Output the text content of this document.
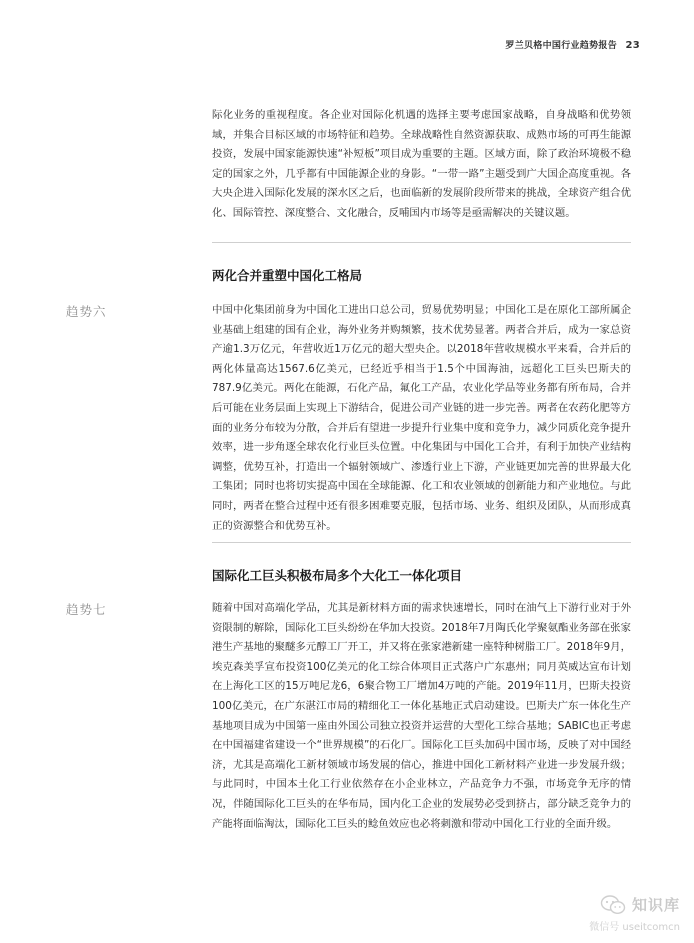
罗兰贝格中国行业趋势报告 23

际化业务的重视程度。各企业对国际化机遇的选择主要考虑国家战略，自身战略和优势领域，并集合目标区域的市场特征和趋势。全球战略性自然资源获取、成熟市场的可再生能源投资，发展中国家能源快速“补短板”项目成为重要的主题。区域方面，除了政治环境极不稳定的国家之外，几乎都有中国能源企业的身影。“一带一路”主题受到广大国企高度重视。各大央企进入国际化发展的深水区之后，也面临新的发展阶段所带来的挑战，全球资产组合优化、国际管控、深度整合、文化融合，反哺国内市场等是亟需解决的关键议题。

两化合并重塑中国化工格局
趋势六	中国中化集团前身为中国化工进出口总公司，贸易优势明显；中国化工是在原化工部所属企业基础上组建的国有企业，海外业务并购频繁，技术优势显著。两者合并后，成为一家总资产逾1.3万亿元，年营收近1万亿元的超大型央企。以2018年营收规模水平来看，合并后的两化体量高达1567.6亿美元，已经近乎相当于1.5个中国海油，远超化工巨头巴斯夫的787.9亿美元。两化在能源，石化产品，氟化工产品，农业化学品等业务都有所布局，合并后可能在业务层面上实现上下游结合，促进公司产业链的进一步完善。两者在农药化肥等方面的业务分布较为分散，合并后有望进一步提升行业集中度和竞争力，减少同质化竞争提升效率，进一步角逐全球农化行业巨头位置。中化集团与中国化工合并，有利于加快产业结构调整，优势互补，打造出一个辐射领域广、渗透行业上下游，产业链更加完善的世界最大化工集团；同时也将切实提高中国在全球能源、化工和农业领域的创新能力和产业地位。与此同时，两者在整合过程中还有很多困难要克服，包括市场、业务、组织及团队，从而形成真正的资源整合和优势互补。

国际化工巨头积极布局多个大化工一体化项目
趋势七	随着中国对高端化学品，尤其是新材料方面的需求快速增长，同时在油气上下游行业对于外资限制的解除，国际化工巨头纷纷在华加大投资。2018年7月陶氏化学聚氨酯业务部在张家港生产基地的聚醚多元醇工厂开工，并又将在张家港新建一座特种树脂工厂。2018年9月，埃克森美孚宣布投资100亿美元的化工综合体项目正式落户广东惠州；同月英威达宣布计划在上海化工区的15万吨尼龙6，6聚合物工厂增加4万吨的产能。2019年11月，巴斯夫投资100亿美元，在广东湛江市局的精细化工一体化基地正式启动建设。巴斯夫广东一体化生产基地项目成为中国第一座由外国公司独立投资并运营的大型化工综合基地；SABIC也正考虑在中国福建省建设一个“世界规模”的石化厂。国际化工巨头加码中国市场，反映了对中国经济，尤其是高端化工新材领域市场发展的信心，推进中国化工新材料产业进一步发展升级；与此同时，中国本土化工行业依然存在小企业林立，产品竞争力不强，市场竞争无序的情况，伴随国际化工巨头的在华布局，国内化工企业的发展势必受到挤占，部分缺乏竞争力的产能将面临淘汰，国际化工巨头的鲶鱼效应也必将刺激和带动中国化工行业的全面升级。

知识库
微信号 useitcomcn
